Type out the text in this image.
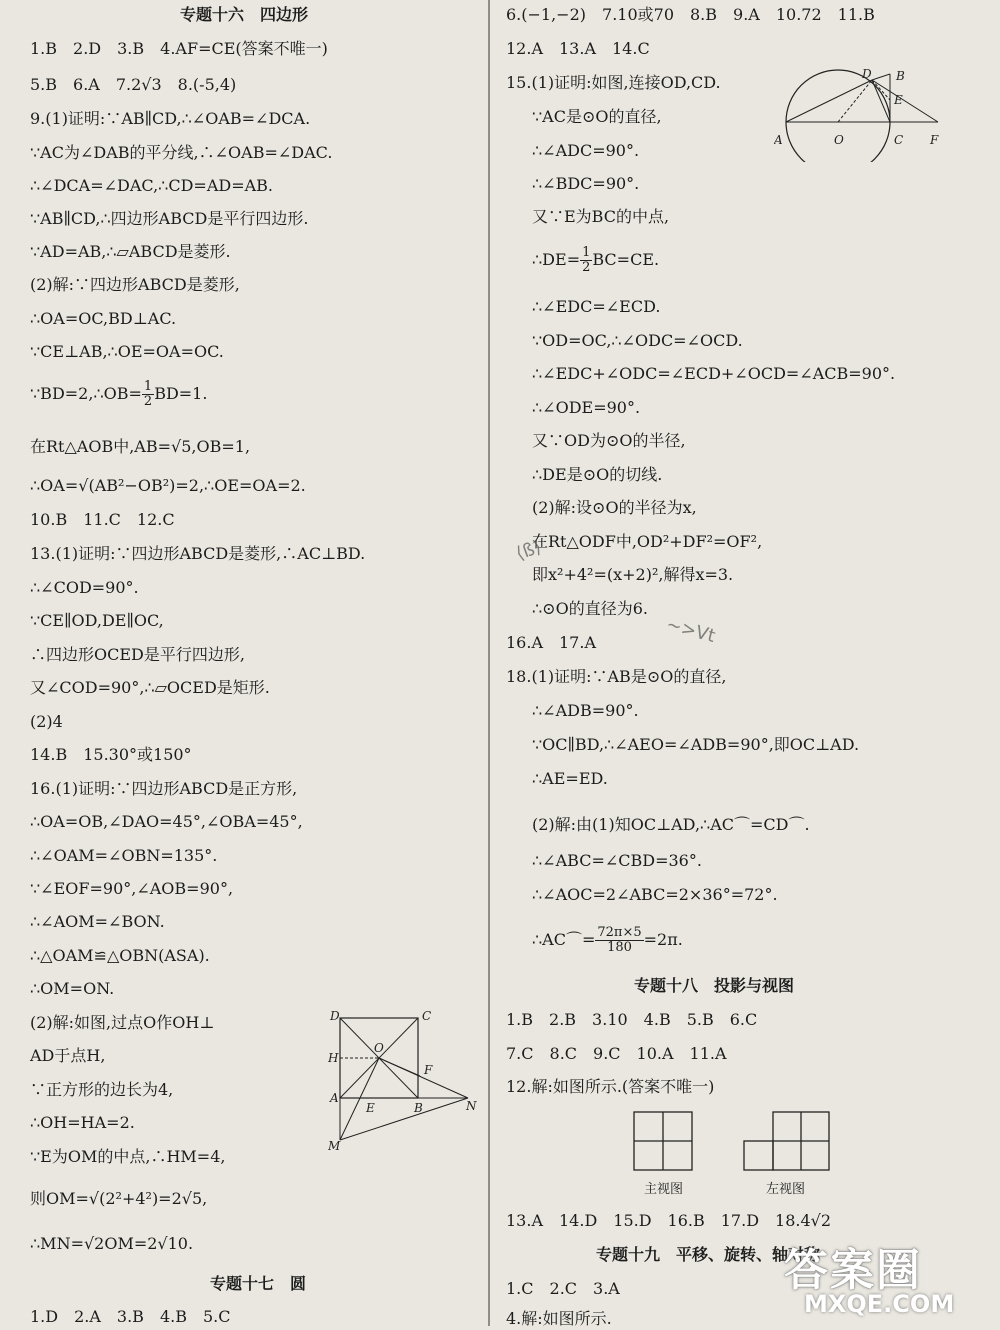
专题十六　四边形
1.B　2.D　3.B　4.AF=CE(答案不唯一)
5.B　6.A　7.2√3　8.(-5,4)
9.(1)证明:∵AB∥CD,∴∠OAB=∠DCA.
∵AC为∠DAB的平分线,∴∠OAB=∠DAC.
∴∠DCA=∠DAC,∴CD=AD=AB.
∵AB∥CD,∴四边形ABCD是平行四边形.
∵AD=AB,∴▱ABCD是菱形.
(2)解:∵四边形ABCD是菱形,
∴OA=OC,BD⊥AC.
∵CE⊥AB,∴OE=OA=OC.
∵BD=2,∴OB= $\frac{1}{2} BD=1$.
在Rt△AOB中,AB=√5,OB=1,
∴OA=√(AB²−OB²)=2,∴OE=OA=2.
10.B　11.C　12.C
13.(1)证明:∵四边形ABCD是菱形,∴AC⊥BD.
∴∠COD=90°.
∵CE∥OD,DE∥OC,
∴四边形OCED是平行四边形,
又∠COD=90°,∴▱OCED是矩形.
(2)4
14.B　15.30°或150°
16.(1)证明:∵四边形ABCD是正方形,
∴OA=OB,∠DAO=45°,∠OBA=45°,
∴∠OAM=∠OBN=135°.
∵∠EOF=90°,∠AOB=90°,
∴∠AOM=∠BON.
∴△OAM≌△OBN(ASA).
∴OM=ON.
(2)解:如图,过点O作OH⊥
AD于点H,
∵正方形的边长为4,
∴OH=HA=2.
∵E为OM的中点,∴HM=4,
则OM=√(2²+4²)=2√5,
∴MN=√2OM=2√10.
专题十七　圆
1.D　2.A　3.B　4.B　5.C
D	C
H
O
F
A
E	B	N
M
6.(−1,−2)　7.10或70　8.B　9.A　10.72　11.B
12.A　13.A　14.C
15.(1)证明:如图,连接OD,CD.
∵AC是⊙O的直径,
∴∠ADC=90°.
∴∠BDC=90°.
又∵E为BC的中点,
∴DE= $\frac{1}{2} BC=CE$.
∴∠EDC=∠ECD.
∵OD=OC,∴∠ODC=∠OCD.
∴∠EDC+∠ODC=∠ECD+∠OCD=∠ACB=90°.
∴∠ODE=90°.
又∵OD为⊙O的半径,
∴DE是⊙O的切线.
(2)解:设⊙O的半径为x,
在Rt△ODF中,OD²+DF²=OF²,
即x²+4²=(x+2)²,解得x=3.
∴⊙O的直径为6.
16.A　17.A
18.(1)证明:∵AB是⊙O的直径,
∴∠ADB=90°.
∵OC∥BD,∴∠AEO=∠ADB=90°,即OC⊥AD.
∴AE=ED.
(2)解:由(1)知OC⊥AD,∴AC⌒=CD⌒.
∴∠ABC=∠CBD=36°.
∴∠AOC=2∠ABC=2×36°=72°.
∴AC⌒= $\frac{72\pi\times 5}{180} =2\pi$.
专题十八　投影与视图
1.B　2.B　3.10　4.B　5.B　6.C
7.C　8.C　9.C　10.A　11.A
12.解:如图所示.(答案不唯一)
主视图	左视图
13.A　14.D　15.D　16.B　17.D　18.4√2
专题十九　平移、旋转、轴对称
1.C　2.C　3.A
4.解:如图所示.
A	O	C F
D B
E
⟨ß⟩
~>Vt
答案圈
MXQE.COM
